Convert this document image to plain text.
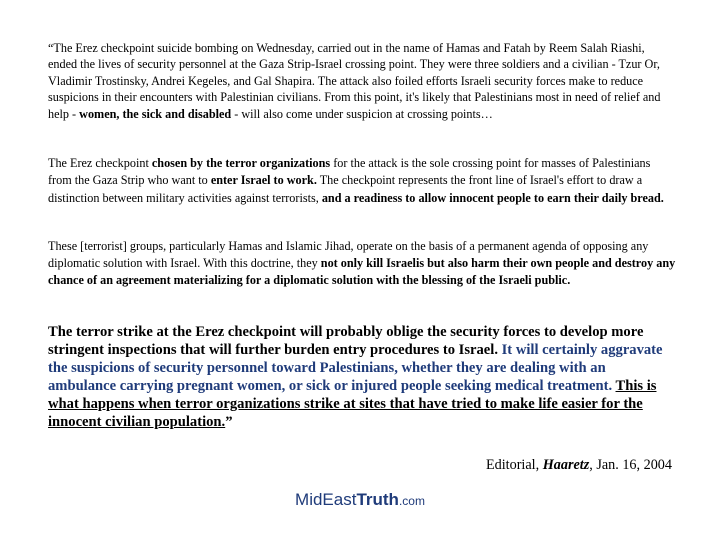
“The Erez checkpoint suicide bombing on Wednesday, carried out in the name of Hamas and Fatah by Reem Salah Riashi, ended the lives of security personnel at the Gaza Strip-Israel crossing point. They were three soldiers and a civilian - Tzur Or, Vladimir Trostinsky, Andrei Kegeles, and Gal Shapira. The attack also foiled efforts Israeli security forces make to reduce suspicions in their encounters with Palestinian civilians. From this point, it's likely that Palestinians most in need of relief and help - women, the sick and disabled - will also come under suspicion at crossing points…

The Erez checkpoint chosen by the terror organizations for the attack is the sole crossing point for masses of Palestinians from the Gaza Strip who want to enter Israel to work. The checkpoint represents the front line of Israel's effort to draw a distinction between military activities against terrorists, and a readiness to allow innocent people to earn their daily bread.

These [terrorist] groups, particularly Hamas and Islamic Jihad, operate on the basis of a permanent agenda of opposing any diplomatic solution with Israel. With this doctrine, they not only kill Israelis but also harm their own people and destroy any chance of an agreement materializing for a diplomatic solution with the blessing of the Israeli public.

The terror strike at the Erez checkpoint will probably oblige the security forces to develop more stringent inspections that will further burden entry procedures to Israel. It will certainly aggravate the suspicions of security personnel toward Palestinians, whether they are dealing with an ambulance carrying pregnant women, or sick or injured people seeking medical treatment. This is what happens when terror organizations strike at sites that have tried to make life easier for the innocent civilian population.”

Editorial, Haaretz, Jan. 16, 2004
MidEastTruth.com
